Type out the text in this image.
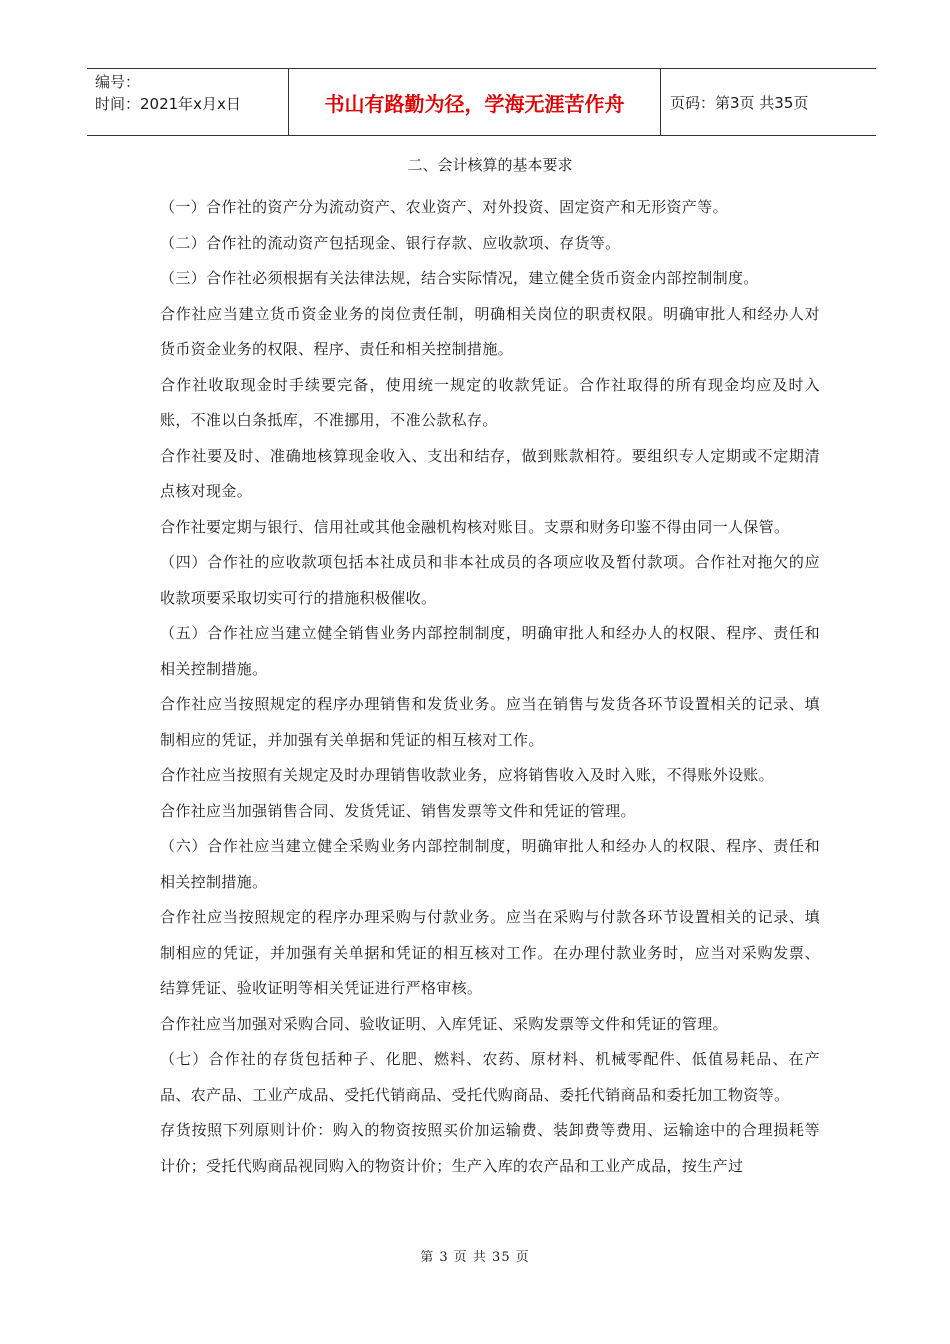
编号：
时间：2021年x月x日	书山有路勤为径，学海无涯苦作舟	页码：第3页 共35页
二、会计核算的基本要求

（一）合作社的资产分为流动资产、农业资产、对外投资、固定资产和无形资产等。

（二）合作社的流动资产包括现金、银行存款、应收款项、存货等。

（三）合作社必须根据有关法律法规，结合实际情况，建立健全货币资金内部控制制度。

合作社应当建立货币资金业务的岗位责任制，明确相关岗位的职责权限。明确审批人和经办人对货币资金业务的权限、程序、责任和相关控制措施。

合作社收取现金时手续要完备，使用统一规定的收款凭证。合作社取得的所有现金均应及时入账，不准以白条抵库，不准挪用，不准公款私存。

合作社要及时、准确地核算现金收入、支出和结存，做到账款相符。要组织专人定期或不定期清点核对现金。

合作社要定期与银行、信用社或其他金融机构核对账目。支票和财务印鉴不得由同一人保管。

（四）合作社的应收款项包括本社成员和非本社成员的各项应收及暂付款项。合作社对拖欠的应收款项要采取切实可行的措施积极催收。

（五）合作社应当建立健全销售业务内部控制制度，明确审批人和经办人的权限、程序、责任和相关控制措施。

合作社应当按照规定的程序办理销售和发货业务。应当在销售与发货各环节设置相关的记录、填制相应的凭证，并加强有关单据和凭证的相互核对工作。

合作社应当按照有关规定及时办理销售收款业务，应将销售收入及时入账，不得账外设账。

合作社应当加强销售合同、发货凭证、销售发票等文件和凭证的管理。

（六）合作社应当建立健全采购业务内部控制制度，明确审批人和经办人的权限、程序、责任和相关控制措施。

合作社应当按照规定的程序办理采购与付款业务。应当在采购与付款各环节设置相关的记录、填制相应的凭证，并加强有关单据和凭证的相互核对工作。在办理付款业务时，应当对采购发票、结算凭证、验收证明等相关凭证进行严格审核。

合作社应当加强对采购合同、验收证明、入库凭证、采购发票等文件和凭证的管理。

（七）合作社的存货包括种子、化肥、燃料、农药、原材料、机械零配件、低值易耗品、在产品、农产品、工业产成品、受托代销商品、受托代购商品、委托代销商品和委托加工物资等。

存货按照下列原则计价：购入的物资按照买价加运输费、装卸费等费用、运输途中的合理损耗等计价；受托代购商品视同购入的物资计价；生产入库的农产品和工业产成品，按生产过

第 3 页 共 35 页
